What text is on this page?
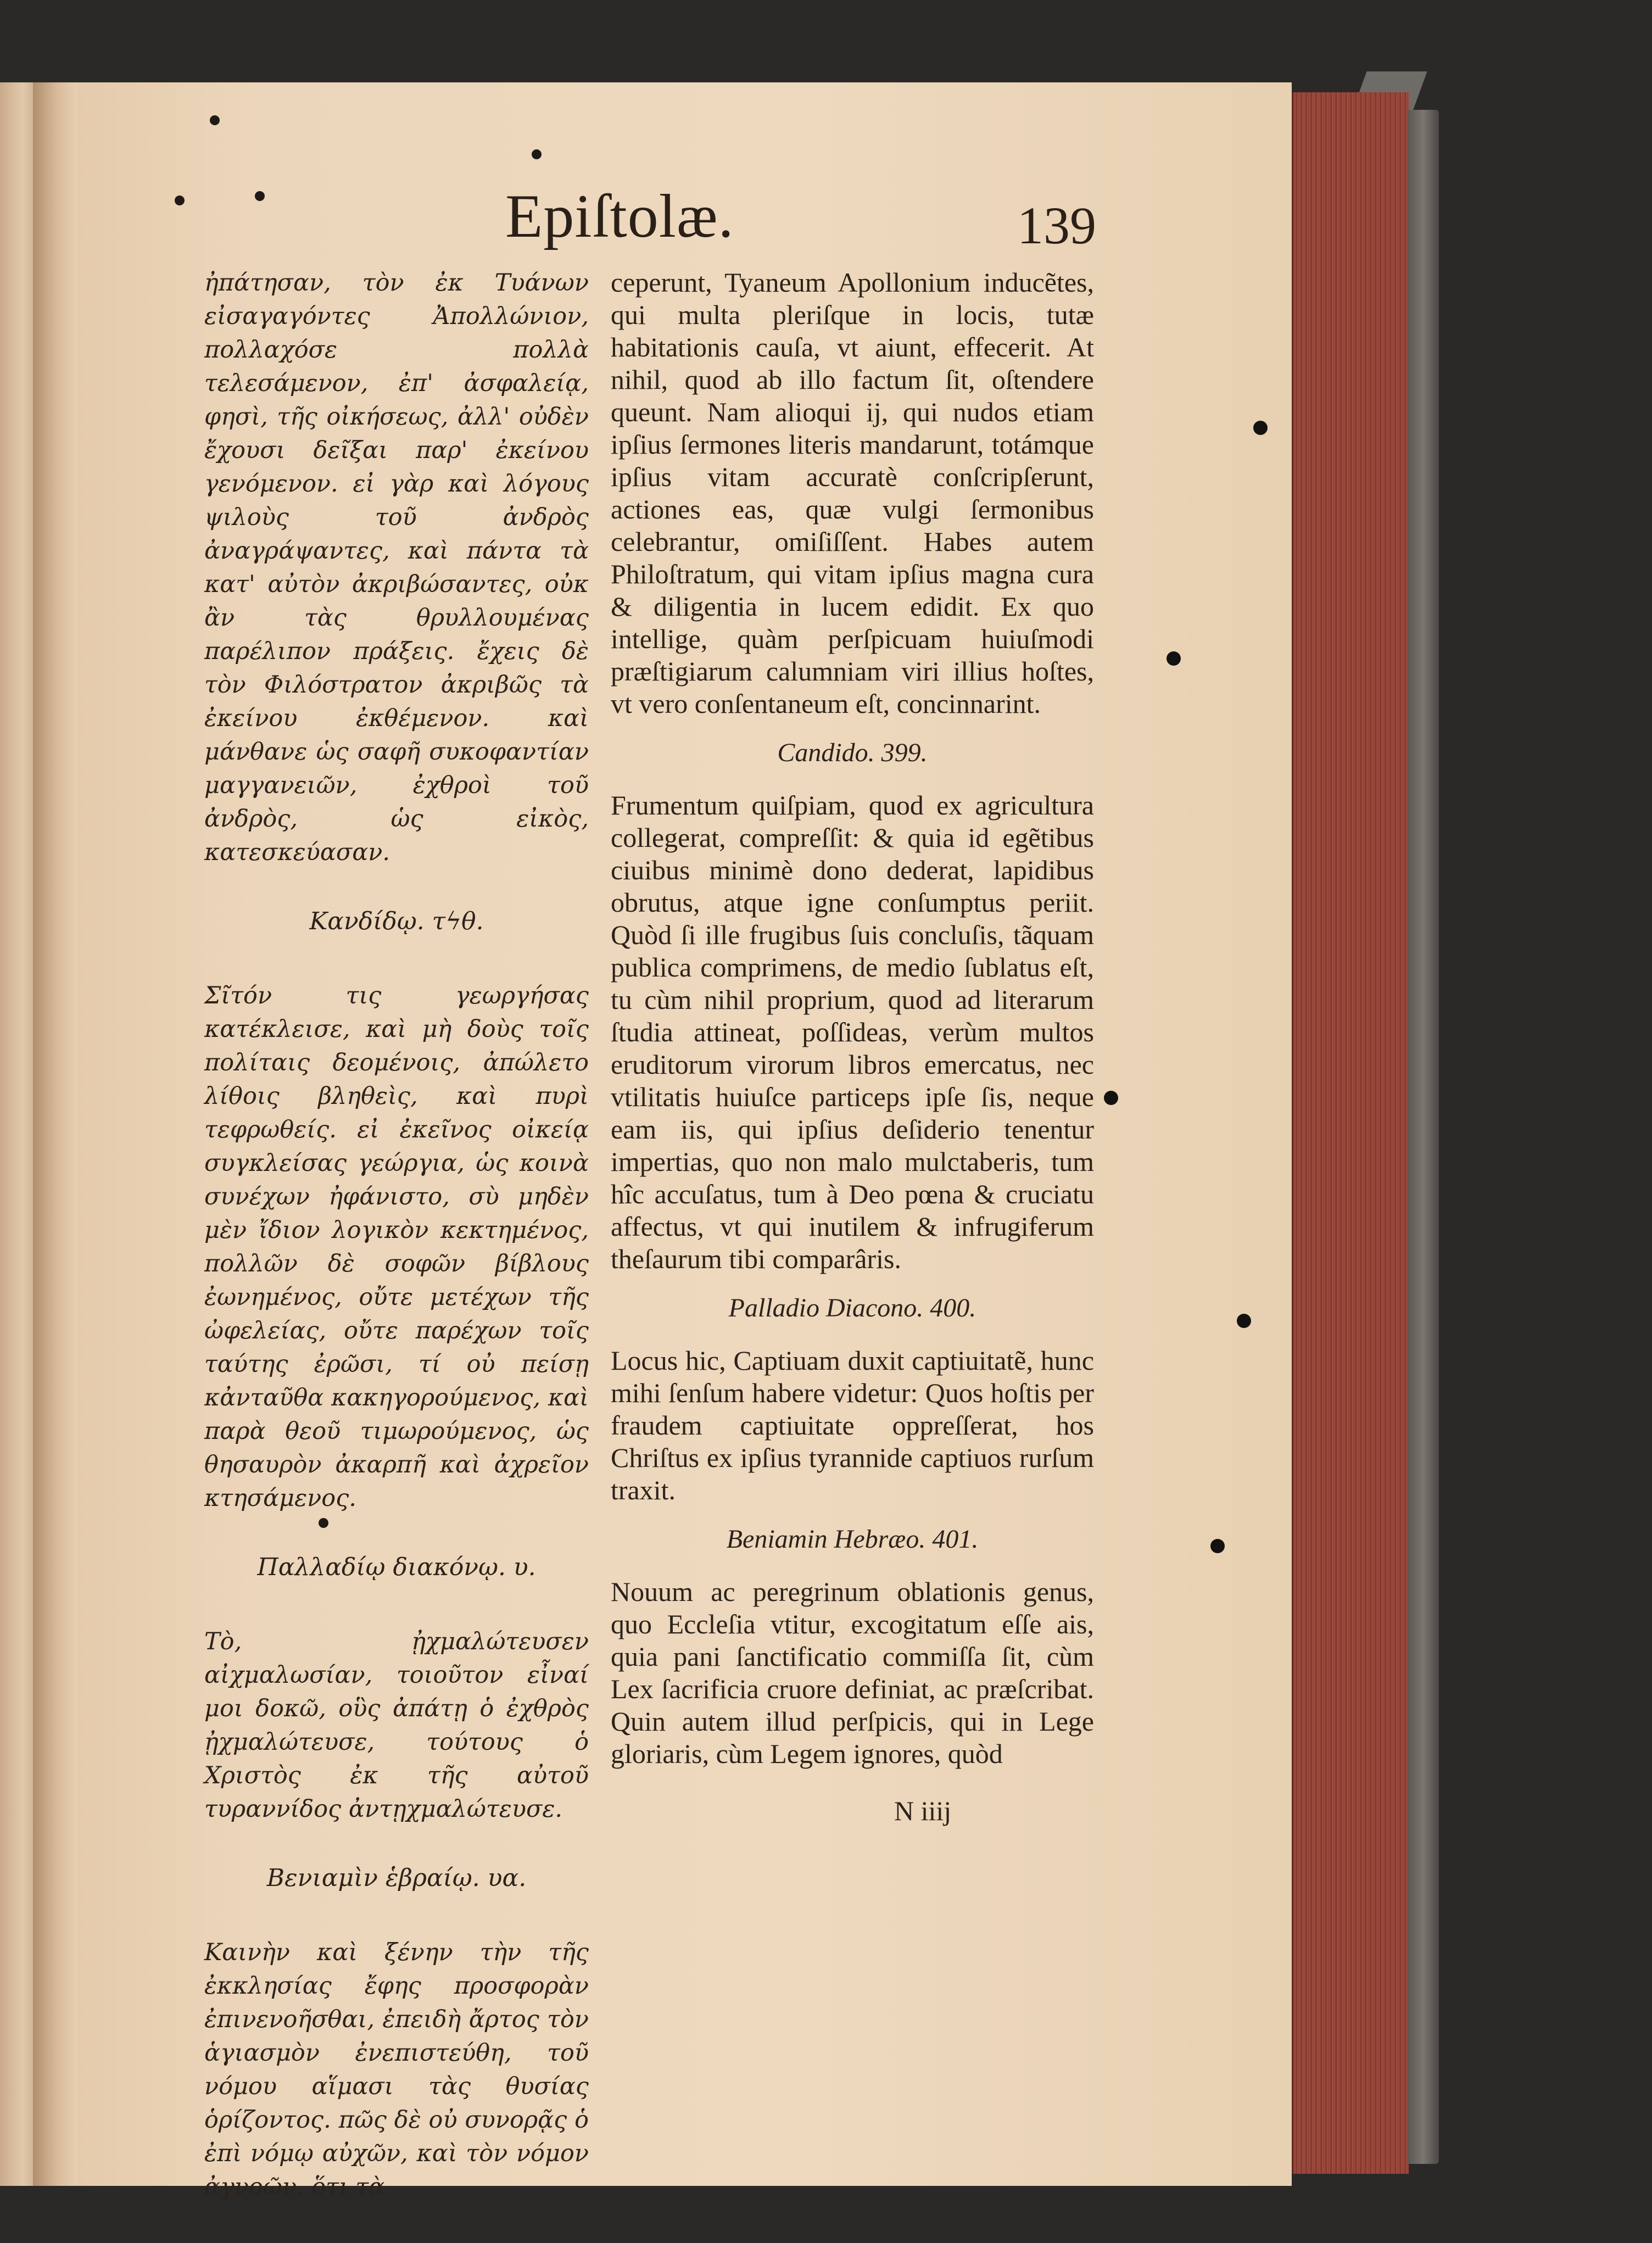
Epiſtolæ.	139

ἠπάτησαν, τὸν ἐκ Τυάνων εἰσαγαγόντες Ἀπολλώνιον, πολλαχόσε πολλὰ τελεσάμενον, ἐπ' ἀσφαλείᾳ, φησὶ, τῆς οἰκήσεως, ἀλλ' οὐδὲν ἔχουσι δεῖξαι παρ' ἐκείνου γενόμενον. εἰ γὰρ καὶ λόγους ψιλοὺς τοῦ ἀνδρὸς ἀναγράψαντες, καὶ πάντα τὰ κατ' αὐτὸν ἀκριβώσαντες, οὐκ ἂν τὰς θρυλλουμένας παρέλιπον πράξεις. ἔχεις δὲ τὸν Φιλόστρατον ἀκριβῶς τὰ ἐκείνου ἐκθέμενον. καὶ μάνθανε ὡς σαφῆ συκοφαντίαν μαγγανειῶν, ἐχθροὶ τοῦ ἀνδρὸς, ὡς εἰκὸς, κατεσκεύασαν.

Κανδίδῳ. τϟθ.

Σῖτόν τις γεωργήσας κατέκλεισε, καὶ μὴ δοὺς τοῖς πολίταις δεομένοις, ἀπώλετο λίθοις βληθεὶς, καὶ πυρὶ τεφρωθείς. εἰ ἐκεῖνος οἰκείᾳ συγκλείσας γεώργια, ὡς κοινὰ συνέχων ἠφάνιστο, σὺ μηδὲν μὲν ἴδιον λογικὸν κεκτημένος, πολλῶν δὲ σοφῶν βίβλους ἐωνημένος, οὔτε μετέχων τῆς ὠφελείας, οὔτε παρέχων τοῖς ταύτης ἐρῶσι, τί οὐ πείσῃ κἀνταῦθα κακηγορούμενος, καὶ παρὰ θεοῦ τιμωρούμενος, ὡς θησαυρὸν ἀκαρπῆ καὶ ἀχρεῖον κτησάμενος.

Παλλαδίῳ διακόνῳ. υ.

Τὸ, ᾐχμαλώτευσεν αἰχμαλωσίαν, τοιοῦτον εἶναί μοι δοκῶ, οὓς ἀπάτῃ ὁ ἐχθρὸς ᾐχμαλώτευσε, τούτους ὁ Χριστὸς ἐκ τῆς αὐτοῦ τυραννίδος ἀντῃχμαλώτευσε.

Βενιαμὶν ἑβραίῳ. υα.

Καινὴν καὶ ξένην τὴν τῆς ἐκκλησίας ἔφης προσφορὰν ἐπινενοῆσθαι, ἐπειδὴ ἄρτος τὸν ἁγιασμὸν ἐνεπιστεύθη, τοῦ νόμου αἵμασι τὰς θυσίας ὁρίζοντος. πῶς δὲ οὐ συνορᾷς ὁ ἐπὶ νόμῳ αὐχῶν, καὶ τὸν νόμον ἀγνοῶν, ὅτι τὰ

ceperunt, Tyaneum Apollonium inducẽtes, qui multa pleriſque in locis, tutæ habitationis cauſa, vt aiunt, effecerit. At nihil, quod ab illo factum ſit, oſtendere queunt. Nam alioqui ij, qui nudos etiam ipſius ſermones literis mandarunt, totámque ipſius vitam accuratè conſcripſerunt, actiones eas, quæ vulgi ſermonibus celebrantur, omiſiſſent. Habes autem Philoſtratum, qui vitam ipſius magna cura & diligentia in lucem edidit. Ex quo intellige, quàm perſpicuam huiuſmodi præſtigiarum calumniam viri illius hoſtes, vt vero conſentaneum eſt, concinnarint.

Candido. 399.

Frumentum quiſpiam, quod ex agricultura collegerat, compreſſit: & quia id egẽtibus ciuibus minimè dono dederat, lapidibus obrutus, atque igne conſumptus periit. Quòd ſi ille frugibus ſuis concluſis, tãquam publica comprimens, de medio ſublatus eſt, tu cùm nihil proprium, quod ad literarum ſtudia attineat, poſſideas, verùm multos eruditorum virorum libros emercatus, nec vtilitatis huiuſce particeps ipſe ſis, neque eam iis, qui ipſius deſiderio tenentur impertias, quo non malo mulctaberis, tum hîc accuſatus, tum à Deo pœna & cruciatu affectus, vt qui inutilem & infrugiferum theſaurum tibi comparâris.

Palladio Diacono. 400.

Locus hic, Captiuam duxit captiuitatẽ, hunc mihi ſenſum habere videtur: Quos hoſtis per fraudem captiuitate oppreſſerat, hos Chriſtus ex ipſius tyrannide captiuos rurſum traxit.

Beniamin Hebræo. 401.

Nouum ac peregrinum oblationis genus, quo Eccleſia vtitur, excogitatum eſſe ais, quia pani ſanctificatio commiſſa ſit, cùm Lex ſacrificia cruore definiat, ac præſcribat. Quin autem illud perſpicis, qui in Lege gloriaris, cùm Legem ignores, quòd

N iiij
